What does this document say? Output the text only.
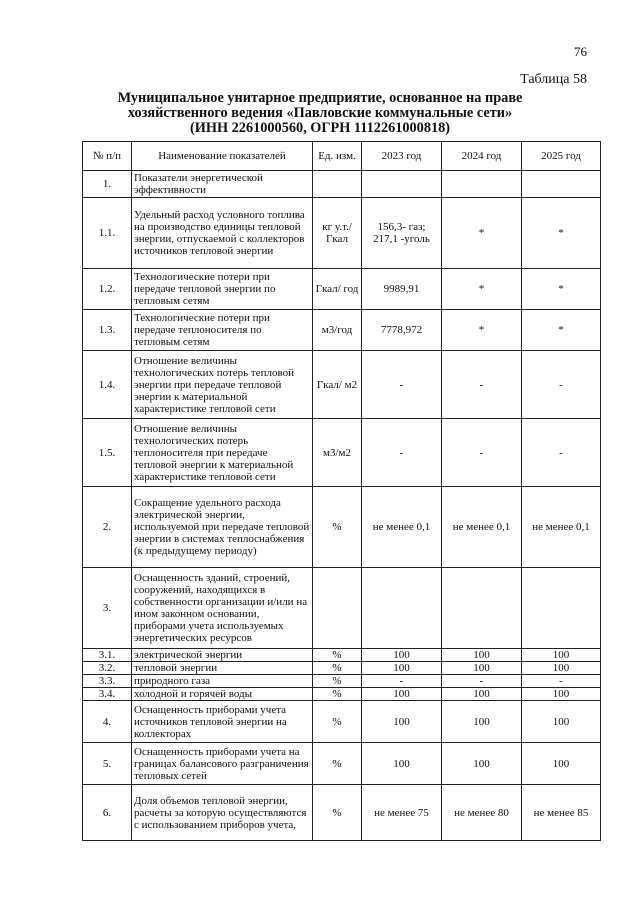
76
Таблица 58
Муниципальное унитарное предприятие, основанное на праве
хозяйственного ведения «Павловские коммунальные сети»
(ИНН 2261000560, ОГРН 1112261000818)
№ п/п	Наименование показателей	Ед. изм.	2023 год	2024 год	2025 год
1.	Показатели энергетической эффективности				
1.1.	Удельный расход условного топлива на производство единицы тепловой энергии, отпускаемой с коллекторов источников тепловой энергии	кг у.т./ Гкал	156,3- газ; 217,1 -уголь	*	*
1.2.	Технологические потери при передаче тепловой энергии по тепловым сетям	Гкал/ год	9989,91	*	*
1.3.	Технологические потери при передаче теплоносителя по тепловым сетям	м3/год	7778,972	*	*
1.4.	Отношение величины технологических потерь тепловой энергии при передаче тепловой энергии к материальной характеристике тепловой сети	Гкал/ м2	-	-	-
1.5.	Отношение величины технологических потерь теплоносителя при передаче тепловой энергии к материальной характеристике тепловой сети	м3/м2	-	-	-
2.	Сокращение удельного расхода электрической энергии, используемой при передаче тепловой энергии в системах теплоснабжения (к предыдущему периоду)	%	не менее 0,1	не менее 0,1	не менее 0,1
3.	Оснащенность зданий, строений, сооружений, находящихся в собственности организации и/или на ином законном основании, приборами учета используемых энергетических ресурсов				
3.1.	электрической энергии	%	100	100	100
3.2.	тепловой энергии	%	100	100	100
3.3.	природного газа	%	-	-	-
3.4.	холодной и горячей воды	%	100	100	100
4.	Оснащенность приборами учета источников тепловой энергии на коллекторах	%	100	100	100
5.	Оснащенность приборами учета на границах балансового разграничения тепловых сетей	%	100	100	100
6.	Доля объемов тепловой энергии, расчеты за которую осуществляются с использованием приборов учета,	%	не менее 75	не менее 80	не менее 85
